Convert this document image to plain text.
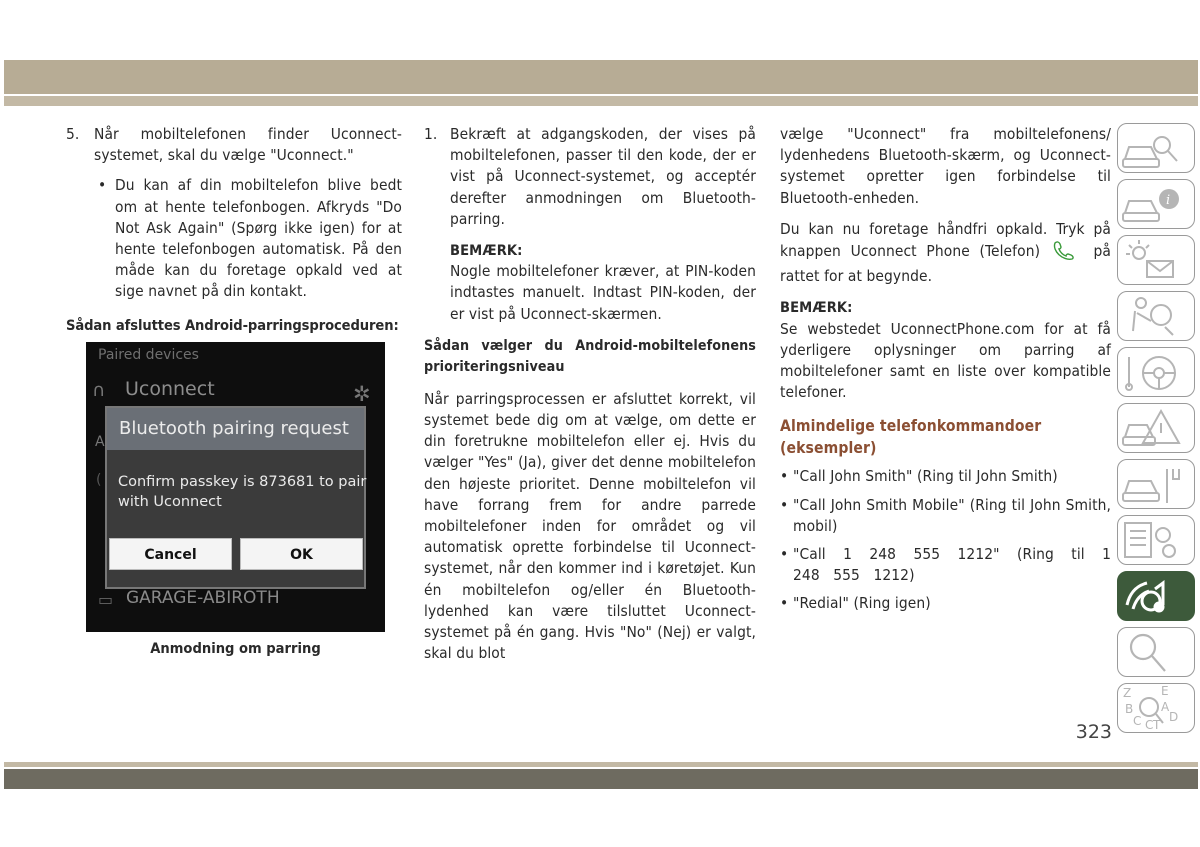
5. Når mobiltelefonen finder Uconnect-systemet, skal du vælge "Uconnect."

• Du kan af din mobiltelefon blive bedt om at hente telefonbogen. Afkryds "Do Not Ask Again" (Spørg ikke igen) for at hente telefonbogen automatisk. På den måde kan du foretage opkald ved at sige navnet på din kontakt.

Sådan afsluttes Android-parringsproceduren:

Paired devices
∩ Uconnect	✲
A
(
Bluetooth pairing request
Confirm passkey is 873681 to pair
with Uconnect
Cancel	OK
▭ GARAGE-ABIROTH
Anmodning om parring
1. Bekræft at adgangskoden, der vises på mobiltelefonen, passer til den kode, der er vist på Uconnect-systemet, og acceptér derefter anmodningen om Bluetooth-parring.

BEMÆRK:

Nogle mobiltelefoner kræver, at PIN-koden indtastes manuelt. Indtast PIN-koden, der er vist på Uconnect-skærmen.

Sådan vælger du Android-mobiltelefonens prioriteringsniveau

Når parringsprocessen er afsluttet korrekt, vil systemet bede dig om at vælge, om dette er din foretrukne mobiltelefon eller ej. Hvis du vælger "Yes" (Ja), giver det denne mobiltelefon den højeste prioritet. Denne mobiltelefon vil have forrang frem for andre parrede mobiltelefoner inden for området og vil automatisk oprette forbindelse til Uconnect-systemet, når den kommer ind i køretøjet. Kun én mobiltelefon og/eller én Bluetooth-lydenhed kan være tilsluttet Uconnect-systemet på én gang. Hvis "No" (Nej) er valgt, skal du blot

vælge "Uconnect" fra mobiltelefonens/ lydenhedens Bluetooth-skærm, og Uconnect-systemet opretter igen forbindelse til Bluetooth-enheden.

Du kan nu foretage håndfri opkald. Tryk på knappen Uconnect Phone (Telefon)	på rattet for at begynde.

BEMÆRK:

Se webstedet UconnectPhone.com for at få yderligere oplysninger om parring af mobiltelefoner samt en liste over kompatible telefoner.

Almindelige telefonkommandoer (eksempler)

• "Call John Smith" (Ring til John Smith)

• "Call John Smith Mobile" (Ring til John Smith, mobil)

• "Call 1 248 555 1212" (Ring til 1 248 555 1212)

• "Redial" (Ring igen)

i
Z E
B A
C D
C T
323
